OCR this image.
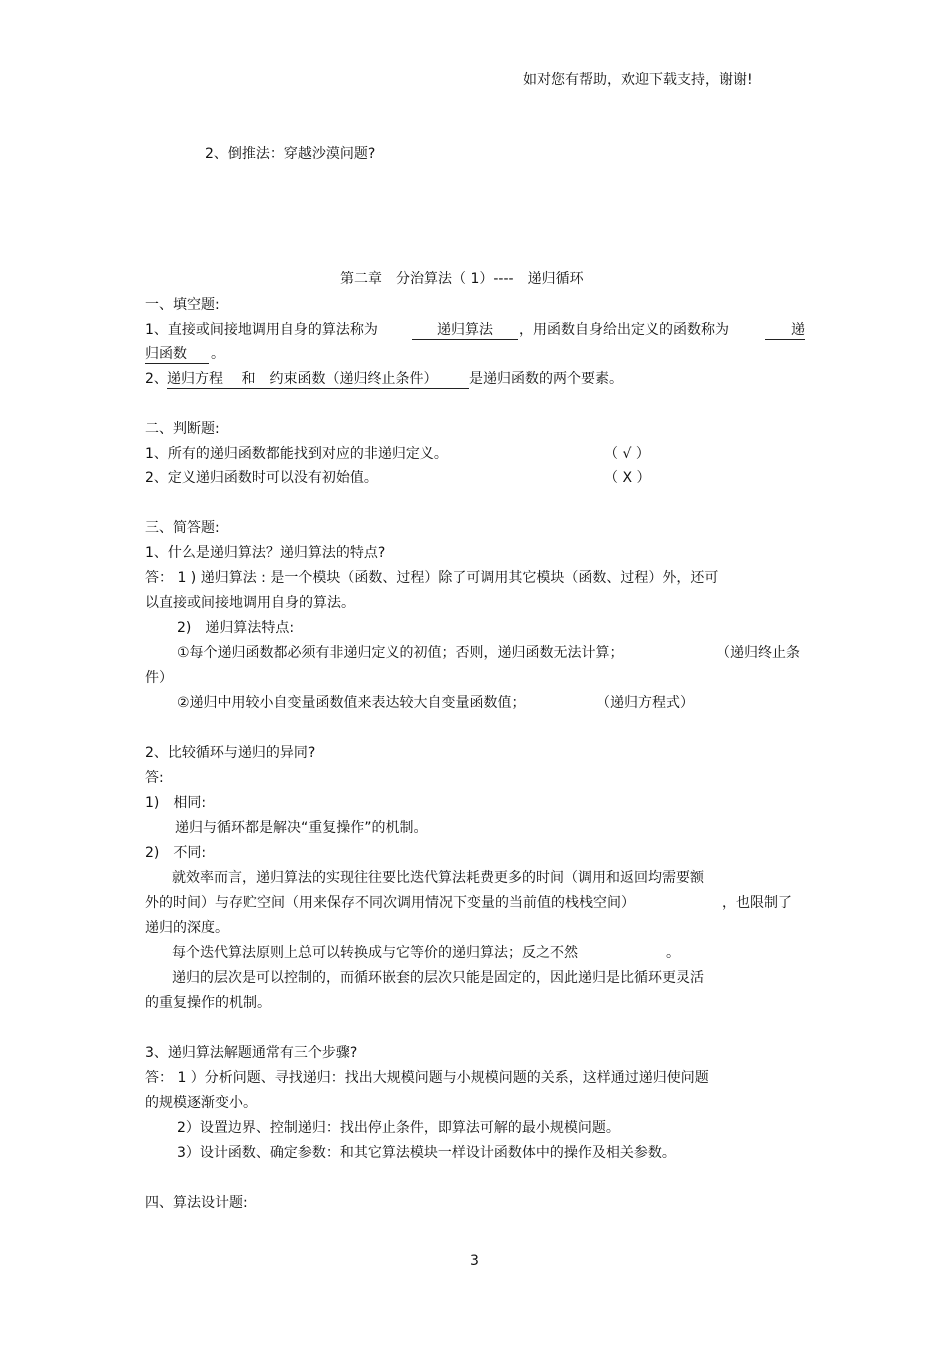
如对您有帮助，欢迎下载支持，谢谢!
2、倒推法：穿越沙漠问题?
第二章　分治算法（ 1）----　递归循环
一、填空题:
1、直接或间接地调用自身的算法称为	递归算法	，用函数自身给出定义的函数称为	递
归函数	。
2、 递归方程　 和　约束函数（递归终止条件）	是递归函数的两个要素。
二、判断题:
1、所有的递归函数都能找到对应的非递归定义。	（ √ ）
2、定义递归函数时可以没有初始值。	（ X ）
三、简答题:
1、什么是递归算法？递归算法的特点?
答： 1 ) 递归算法 : 是一个模块（函数、过程）除了可调用其它模块（函数、过程）外，还可
以直接或间接地调用自身的算法。
2)　递归算法特点:
①每个递归函数都必须有非递归定义的初值；否则，递归函数无法计算；	（递归终止条
件）
②递归中用较小自变量函数值来表达较大自变量函数值；	（递归方程式）
2、比较循环与递归的异同?
答:
1)　相同:
递归与循环都是解决“重复操作”的机制。
2)　不同:
就效率而言，递归算法的实现往往要比迭代算法耗费更多的时间（调用和返回均需要额
外的时间）与存贮空间（用来保存不同次调用情况下变量的当前值的栈栈空间）	，也限制了
递归的深度。
每个迭代算法原则上总可以转换成与它等价的递归算法；反之不然	。
递归的层次是可以控制的，而循环嵌套的层次只能是固定的，因此递归是比循环更灵活
的重复操作的机制。
3、递归算法解题通常有三个步骤?
答： 1 ）分析问题、寻找递归：找出大规模问题与小规模问题的关系，这样通过递归使问题
的规模逐渐变小。
2）设置边界、控制递归：找出停止条件，即算法可解的最小规模问题。
3）设计函数、确定参数：和其它算法模块一样设计函数体中的操作及相关参数。
四、算法设计题:
3
